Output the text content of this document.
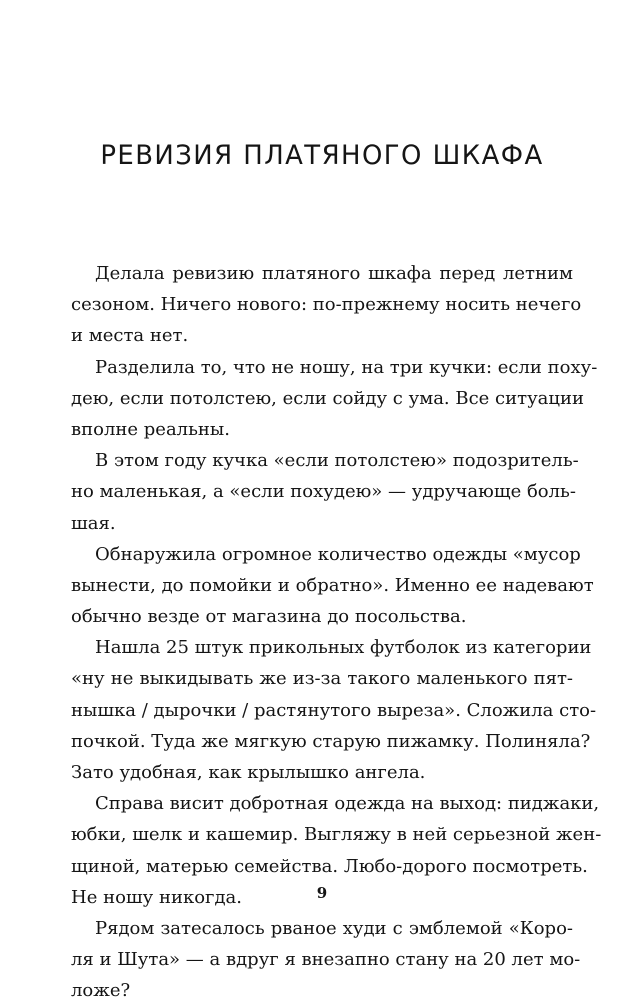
РЕВИЗИЯ ПЛАТЯНОГО ШКАФА
Делала ревизию платяного шкафа перед летним
сезоном. Ничего нового: по-прежнему носить нечего
и места нет.
Разделила то, что не ношу, на три кучки: если поху-
дею, если потолстею, если сойду с ума. Все ситуации
вполне реальны.
В этом году кучка «если потолстею» подозритель-
но маленькая, а «если похудею» — удручающе боль-
шая.
Обнаружила огромное количество одежды «мусор
вынести, до помойки и обратно». Именно ее надевают
обычно везде от магазина до посольства.
Нашла 25 штук прикольных футболок из категории
«ну не выкидывать же из-за такого маленького пят-
нышка / дырочки / растянутого выреза». Сложила сто-
почкой. Туда же мягкую старую пижамку. Полиняла?
Зато удобная, как крылышко ангела.
Справа висит добротная одежда на выход: пиджаки,
юбки, шелк и кашемир. Выгляжу в ней серьезной жен-
щиной, матерью семейства. Любо-дорого посмотреть.
Не ношу никогда.
Рядом затесалось рваное худи с эмблемой «Коро-
ля и Шута» — а вдруг я внезапно стану на 20 лет мо-
ложе?
9
